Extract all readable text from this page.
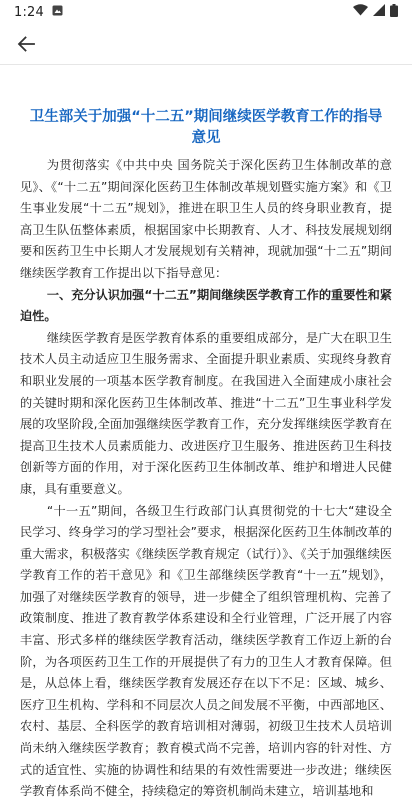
1:24
卫生部关于加强“十二五”期间继续医学教育工作的指导意见

为贯彻落实《中共中央 国务院关于深化医药卫生体制改革的意见》、《“十二五”期间深化医药卫生体制改革规划暨实施方案》和《卫生事业发展“十二五”规划》，推进在职卫生人员的终身职业教育，提高卫生队伍整体素质，根据国家中长期教育、人才、科技发展规划纲要和医药卫生中长期人才发展规划有关精神，现就加强“十二五”期间继续医学教育工作提出以下指导意见：

一、充分认识加强“十二五”期间继续医学教育工作的重要性和紧迫性。

继续医学教育是医学教育体系的重要组成部分，是广大在职卫生技术人员主动适应卫生服务需求、全面提升职业素质、实现终身教育和职业发展的一项基本医学教育制度。在我国进入全面建成小康社会的关键时期和深化医药卫生体制改革、推进“十二五”卫生事业科学发展的攻坚阶段,全面加强继续医学教育工作，充分发挥继续医学教育在提高卫生技术人员素质能力、改进医疗卫生服务、推进医药卫生科技创新等方面的作用，对于深化医药卫生体制改革、维护和增进人民健康，具有重要意义。

“十一五”期间，各级卫生行政部门认真贯彻党的十七大“建设全民学习、终身学习的学习型社会”要求，根据深化医药卫生体制改革的重大需求，积极落实《继续医学教育规定（试行）》、《关于加强继续医学教育工作的若干意见》和《卫生部继续医学教育“十一五”规划》，加强了对继续医学教育的领导，进一步健全了组织管理机构、完善了政策制度、推进了教育教学体系建设和全行业管理，广泛开展了内容丰富、形式多样的继续医学教育活动，继续医学教育工作迈上新的台阶，为各项医药卫生工作的开展提供了有力的卫生人才教育保障。但是，从总体上看，继续医学教育发展还存在以下不足：区域、城乡、医疗卫生机构、学科和不同层次人员之间发展不平衡，中西部地区、农村、基层、全科医学的教育培训相对薄弱，初级卫生技术人员培训尚未纳入继续医学教育；教育模式尚不完善，培训内容的针对性、方式的适宜性、实施的协调性和结果的有效性需要进一步改进；继续医学教育体系尚不健全，持续稳定的筹资机制尚未建立，培训基地和
